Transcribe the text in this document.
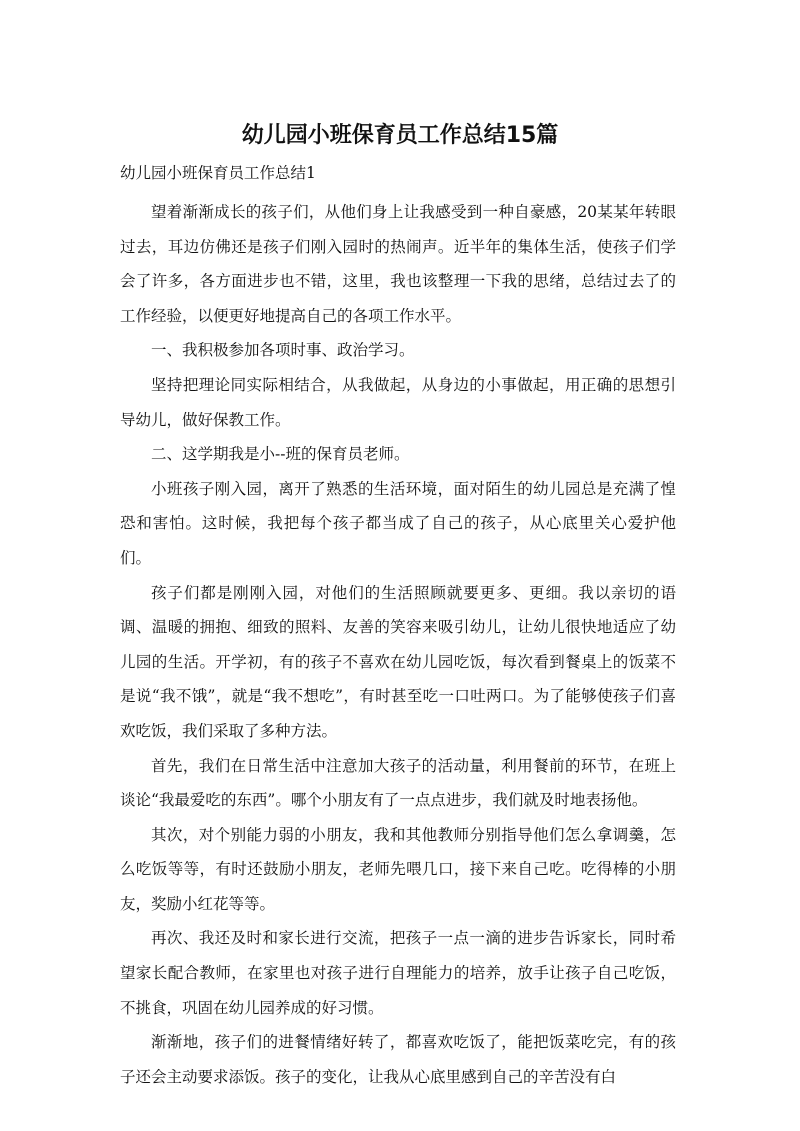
幼儿园小班保育员工作总结15篇

幼儿园小班保育员工作总结1

望着渐渐成长的孩子们，从他们身上让我感受到一种自豪感，20某某年转眼过去，耳边仿佛还是孩子们刚入园时的热闹声。近半年的集体生活，使孩子们学会了许多，各方面进步也不错，这里，我也该整理一下我的思绪，总结过去了的工作经验，以便更好地提高自己的各项工作水平。

一、我积极参加各项时事、政治学习。

坚持把理论同实际相结合，从我做起，从身边的小事做起，用正确的思想引导幼儿，做好保教工作。

二、这学期我是小--班的保育员老师。

小班孩子刚入园，离开了熟悉的生活环境，面对陌生的幼儿园总是充满了惶恐和害怕。这时候，我把每个孩子都当成了自己的孩子，从心底里关心爱护他们。

孩子们都是刚刚入园，对他们的生活照顾就要更多、更细。我以亲切的语调、温暖的拥抱、细致的照料、友善的笑容来吸引幼儿，让幼儿很快地适应了幼儿园的生活。开学初，有的孩子不喜欢在幼儿园吃饭，每次看到餐桌上的饭菜不是说“我不饿”，就是“我不想吃”，有时甚至吃一口吐两口。为了能够使孩子们喜欢吃饭，我们采取了多种方法。

首先，我们在日常生活中注意加大孩子的活动量，利用餐前的环节，在班上谈论“我最爱吃的东西”。哪个小朋友有了一点点进步，我们就及时地表扬他。

其次，对个别能力弱的小朋友，我和其他教师分别指导他们怎么拿调羹，怎么吃饭等等，有时还鼓励小朋友，老师先喂几口，接下来自己吃。吃得棒的小朋友，奖励小红花等等。

再次、我还及时和家长进行交流，把孩子一点一滴的进步告诉家长，同时希望家长配合教师，在家里也对孩子进行自理能力的培养，放手让孩子自己吃饭，不挑食，巩固在幼儿园养成的好习惯。

渐渐地，孩子们的进餐情绪好转了，都喜欢吃饭了，能把饭菜吃完，有的孩子还会主动要求添饭。孩子的变化，让我从心底里感到自己的辛苦没有白
